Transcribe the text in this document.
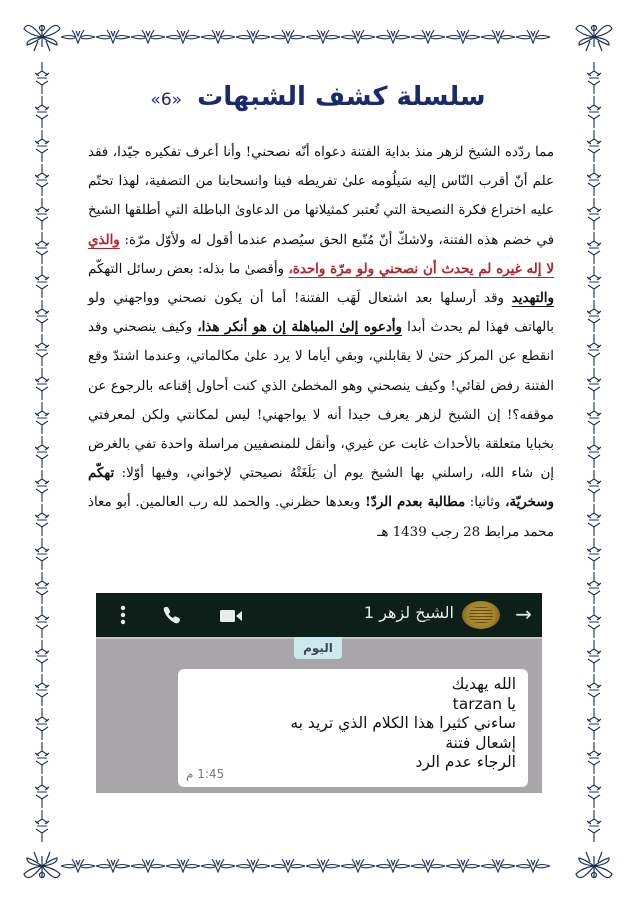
سلسلة كشف الشبهات «6»

مما ردّده الشيخ لزهر منذ بداية الفتنة دعواه أنّه نصحني! وأنا أعرف تفكيره جيّدا، فقد علم أنّ أقرب النّاس إليه سَيلُومه علىٰ تفريطه فينا وانسحابنا من التصفية، لهذا تحتّم عليه اختراع فكرة النصيحة التي تُعتبر كمثيلاتها من الدعاوىٰ الباطلة التي أطلقها الشيخ في خضم هذه الفتنة، ولاشكّ أنّ مُتّبع الحق سيُصدم عندما أقول له ولأوّل مرّة: والذي لا إله غيره لم يحدث أن نصحني ولو مرّة واحدة، وأقصىٰ ما بذله: بعض رسائل التهكّم والتهديد وقد أرسلها بعد اشتعال لَهَب الفتنة! أما أن يكون نصحني وواجهني ولو بالهاتف فهذا لم يحدث أبدا وأدعوه إلىٰ المباهلة إن هو أنكر هذا، وكيف ينصحني وقد انقطع عن المركز حتىٰ لا يقابلني، وبقي أياما لا يرد علىٰ مكالماتي، وعندما اشتدّ وقع الفتنة رفض لقائي! وكيف ينصحني وهو المخطئ الذي كنت أحاول إقناعه بالرجوع عن موقفه؟! إن الشيخ لزهر يعرف جيدا أنه لا يواجهني! ليس لمكانتي ولكن لمعرفتي بخبايا متعلقة بالأحداث غابت عن غيري، وأنقل للمنصفيين مراسلة واحدة تفي بالغرض إن شاء الله، راسلني بها الشيخ يوم أن بَلَغَتْهُ نصيحتي لإخواني، وفيها أوّلا: تهكّم وسخريّة، وثانيا: مطالبة بعدم الردّ! وبعدها حظرني. والحمد لله رب العالمين. أبو معاذ محمد مرابط 28 رجب 1439 هـ

→
الشيخ لزهر 1
اليوم
الله يهديك
يا tarzan
ساءني كثيرا هذا الكلام الذي تريد به
إشعال فتنة
الرجاء عدم الرد
1:45 م
